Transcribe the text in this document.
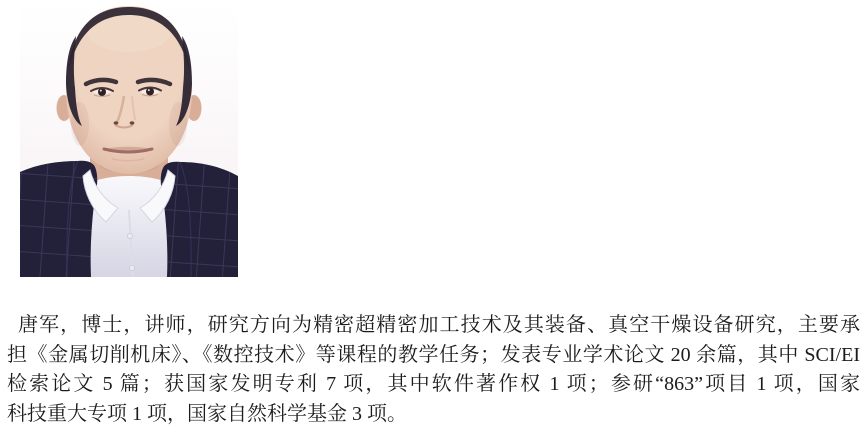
唐军，博士，讲师，研究方向为精密超精密加工技术及其装备、真空干燥设备研究，主要承
担《金属切削机床》、《数控技术》等课程的教学任务；发表专业学术论文 20 余篇，其中 SCI/EI
检索论文 5 篇；获国家发明专利 7 项，其中软件著作权 1 项；参研“863”项目 1 项，国家
科技重大专项 1 项，国家自然科学基金 3 项。
